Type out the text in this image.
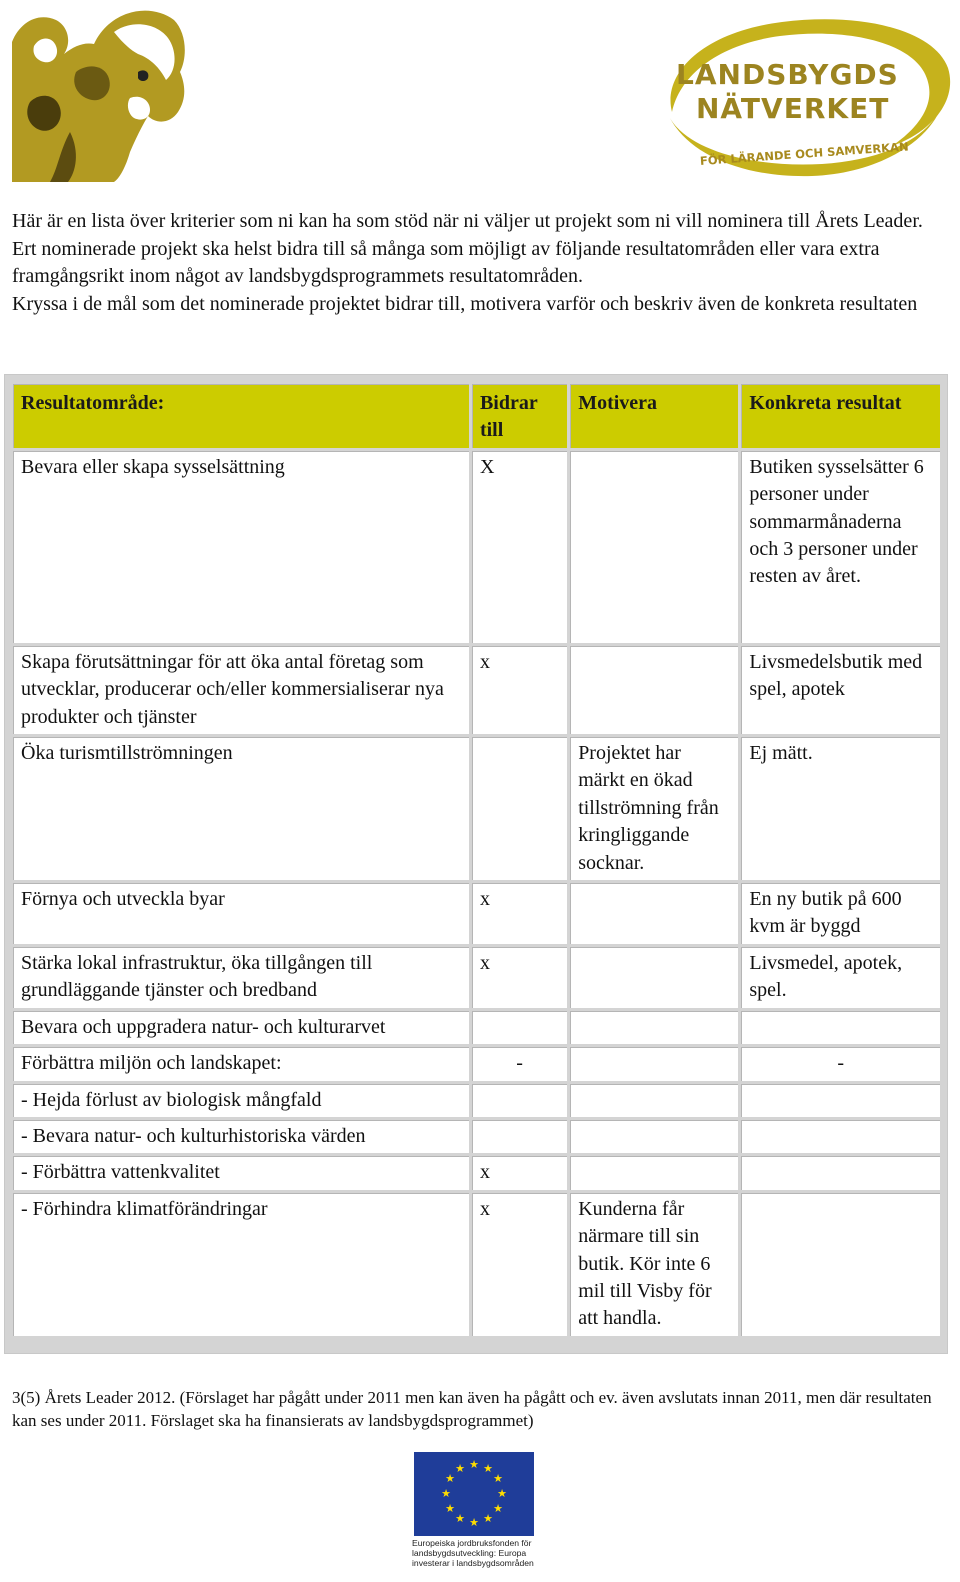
LANDSBYGDS
NÄTVERKET
FÖR LÄRANDE OCH SAMVERKAN

Här är en lista över kriterier som ni kan ha som stöd när ni väljer ut projekt som ni vill nominera till Årets Leader.

Ert nominerade projekt ska helst bidra till så många som möjligt av följande resultatområden eller vara extra framgångsrikt inom något av landsbygdsprogrammets resultatområden.

Kryssa i de mål som det nominerade projektet bidrar till, motivera varför och beskriv även de konkreta resultaten

Resultatområde:	Bidrar till	Motivera	Konkreta resultat
Bevara eller skapa sysselsättning	X		Butiken sysselsätter 6 personer under sommarmånaderna och 3 personer under resten av året.
Skapa förutsättningar för att öka antal företag som utvecklar, producerar och/eller kommersialiserar nya produkter och tjänster	x		Livsmedelsbutik med spel, apotek
Öka turismtillströmningen		Projektet har märkt en ökad tillströmning från kringliggande socknar.	Ej mätt.
Förnya och utveckla byar	x		En ny butik på 600 kvm är byggd
Stärka lokal infrastruktur, öka tillgången till grundläggande tjänster och bredband	x		Livsmedel, apotek, spel.
Bevara och uppgradera natur- och kulturarvet			
Förbättra miljön och landskapet:	-		-
- Hejda förlust av biologisk mångfald			
- Bevara natur- och kulturhistoriska värden			
- Förbättra vattenkvalitet	x		
- Förhindra klimatförändringar	x	Kunderna får närmare till sin butik. Kör inte 6 mil till Visby för att handla.	
3(5) Årets Leader 2012. (Förslaget har pågått under 2011 men kan även ha pågått och ev. även avslutats innan 2011, men där resultaten kan ses under 2011. Förslaget ska ha finansierats av landsbygdsprogrammet)
★ ★
★
★
★
★
★
★
★
★
★
★
Europeiska jordbruksfonden för
landsbygdsutveckling: Europa
investerar i landsbygdsområden
